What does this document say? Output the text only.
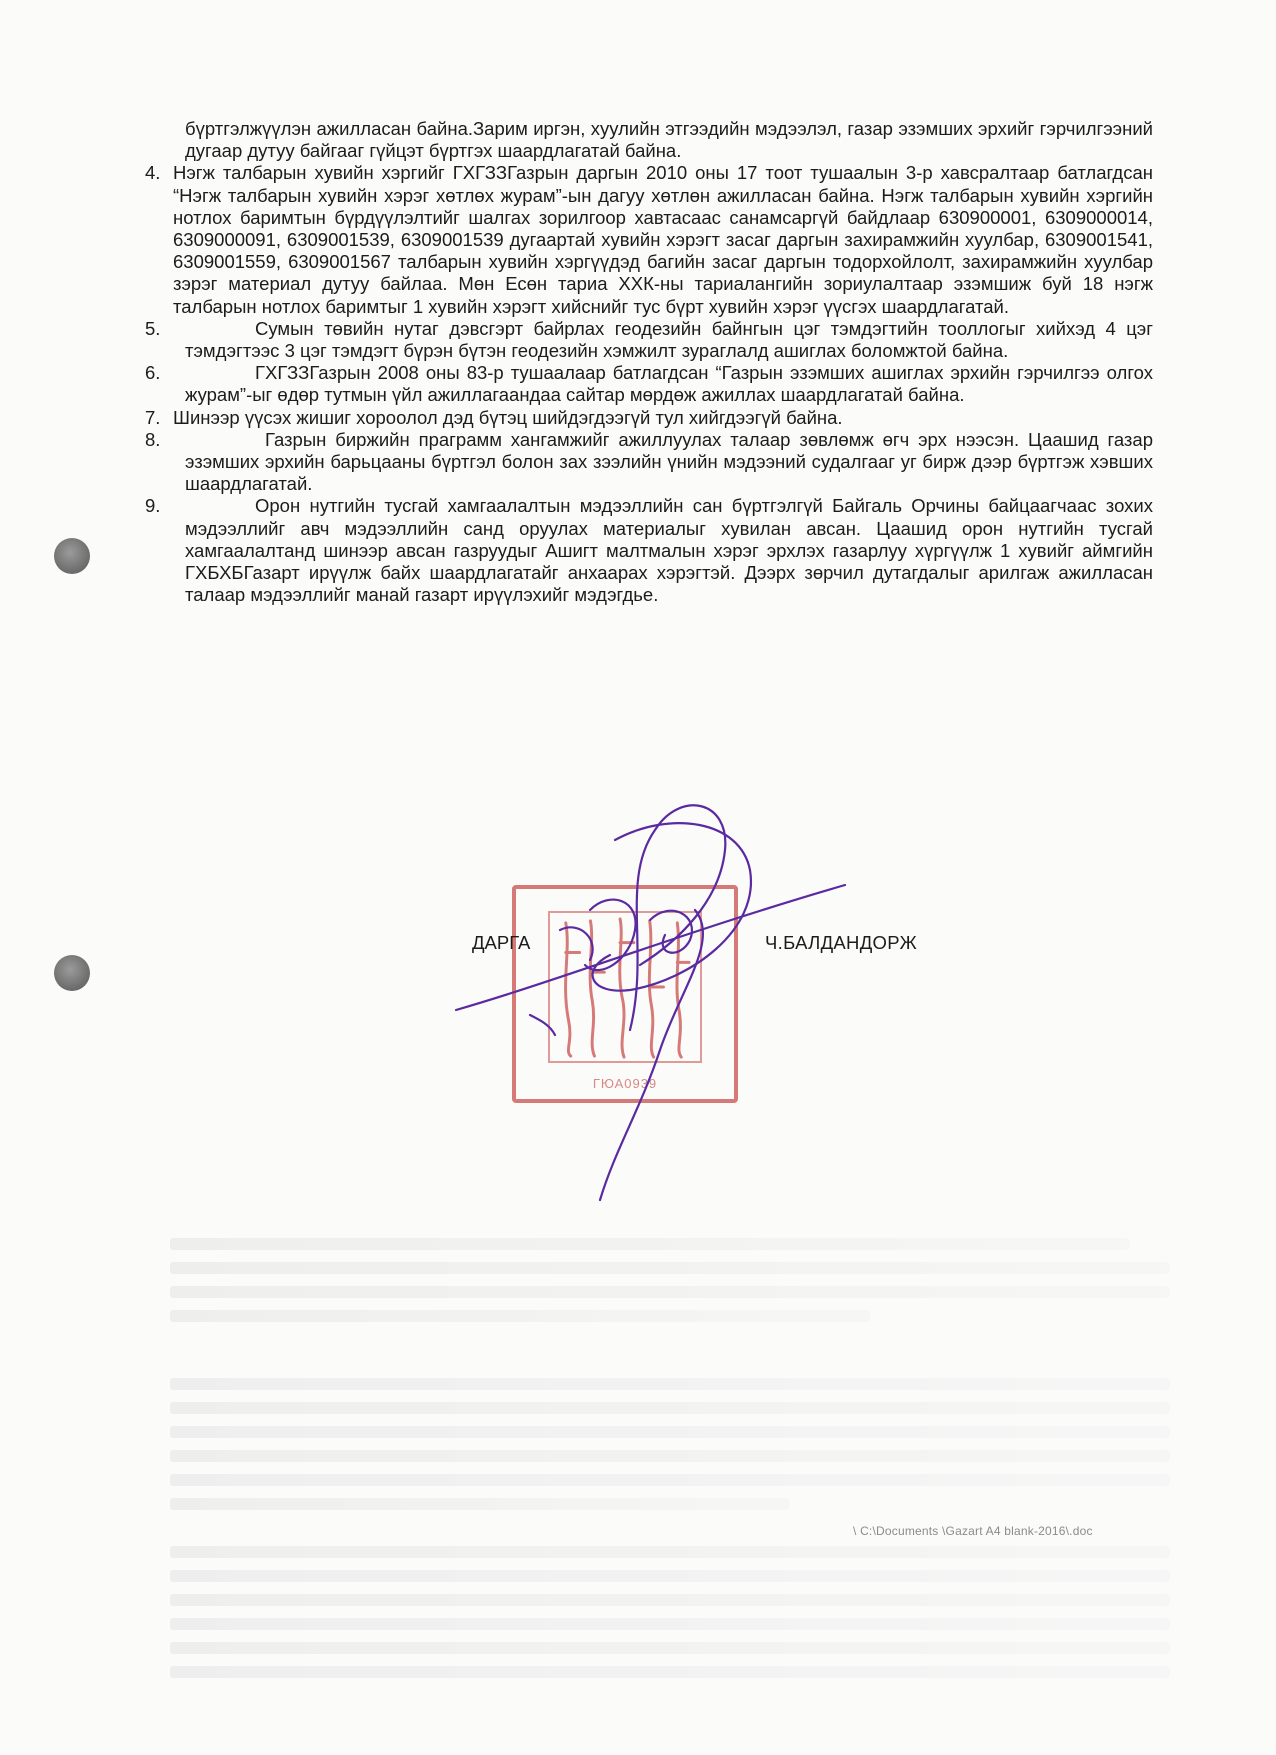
бүртгэлжүүлэн ажилласан байна.Зарим иргэн, хуулийн этгээдийн мэдээлэл, газар эзэмших эрхийг гэрчилгээний дугаар дутуу байгааг гүйцэт бүртгэх шаардлагатай байна.
4. Нэгж талбарын хувийн хэргийг ГХГЗЗГазрын даргын 2010 оны 17 тоот тушаалын 3-р хавсралтаар батлагдсан “Нэгж талбарын хувийн хэрэг хөтлөх журам”-ын дагуу хөтлөн ажилласан байна. Нэгж талбарын хувийн хэргийн нотлох баримтын бүрдүүлэлтийг шалгах зорилгоор хавтасаас санамсаргүй байдлаар 630900001, 6309000014, 6309000091, 6309001539, 6309001539 дугаартай хувийн хэрэгт засаг даргын захирамжийн хуулбар, 6309001541, 6309001559, 6309001567 талбарын хувийн хэргүүдэд багийн засаг даргын тодорхойлолт, захирамжийн хуулбар зэрэг материал дутуу байлаа. Мөн Есөн тариа ХХК-ны тариалангийн зориулалтаар эзэмшиж буй 18 нэгж талбарын нотлох баримтыг 1 хувийн хэрэгт хийснийг тус бүрт хувийн хэрэг үүсгэх шаардлагатай.
5.	Сумын төвийн нутаг дэвсгэрт байрлах геодезийн байнгын цэг тэмдэгтийн тооллогыг хийхэд 4 цэг тэмдэгтээс 3 цэг тэмдэгт бүрэн бүтэн геодезийн хэмжилт зураглалд ашиглах боломжтой байна.
6.	ГХГЗЗГазрын 2008 оны 83-р тушаалаар батлагдсан “Газрын эзэмших ашиглах эрхийн гэрчилгээ олгох журам”-ыг өдөр тутмын үйл ажиллагаандаа сайтар мөрдөж ажиллах шаардлагатай байна.
7. Шинээр үүсэх жишиг хороолол дэд бүтэц шийдэгдээгүй тул хийгдээгүй байна.
8.	Газрын биржийн праграмм хангамжийг ажиллуулах талаар зөвлөмж өгч эрх нээсэн. Цаашид газар эзэмших эрхийн барьцааны бүртгэл болон зах зээлийн үнийн мэдээний судалгааг уг бирж дээр бүртгэж хэвших шаардлагатай.
9.	Орон нутгийн тусгай хамгаалалтын мэдээллийн сан бүртгэлгүй Байгаль Орчины байцаагчаас зохих мэдээллийг авч мэдээллийн санд оруулах материалыг хувилан авсан. Цаашид орон нутгийн тусгай хамгаалалтанд шинээр авсан газруудыг Ашигт малтмалын хэрэг эрхлэх газарлуу хүргүүлж 1 хувийг аймгийн ГХБХБГазарт ирүүлж байх шаардлагатайг анхаарах хэрэгтэй. Дээрх зөрчил дутагдалыг арилгаж ажилласан талаар мэдээллийг манай газарт ирүүлэхийг мэдэгдье.
ГЮА0939
ДАРГА	Ч.БАЛДАНДОРЖ
\ C:\Documents \Gazart A4 blank-2016\.doc
